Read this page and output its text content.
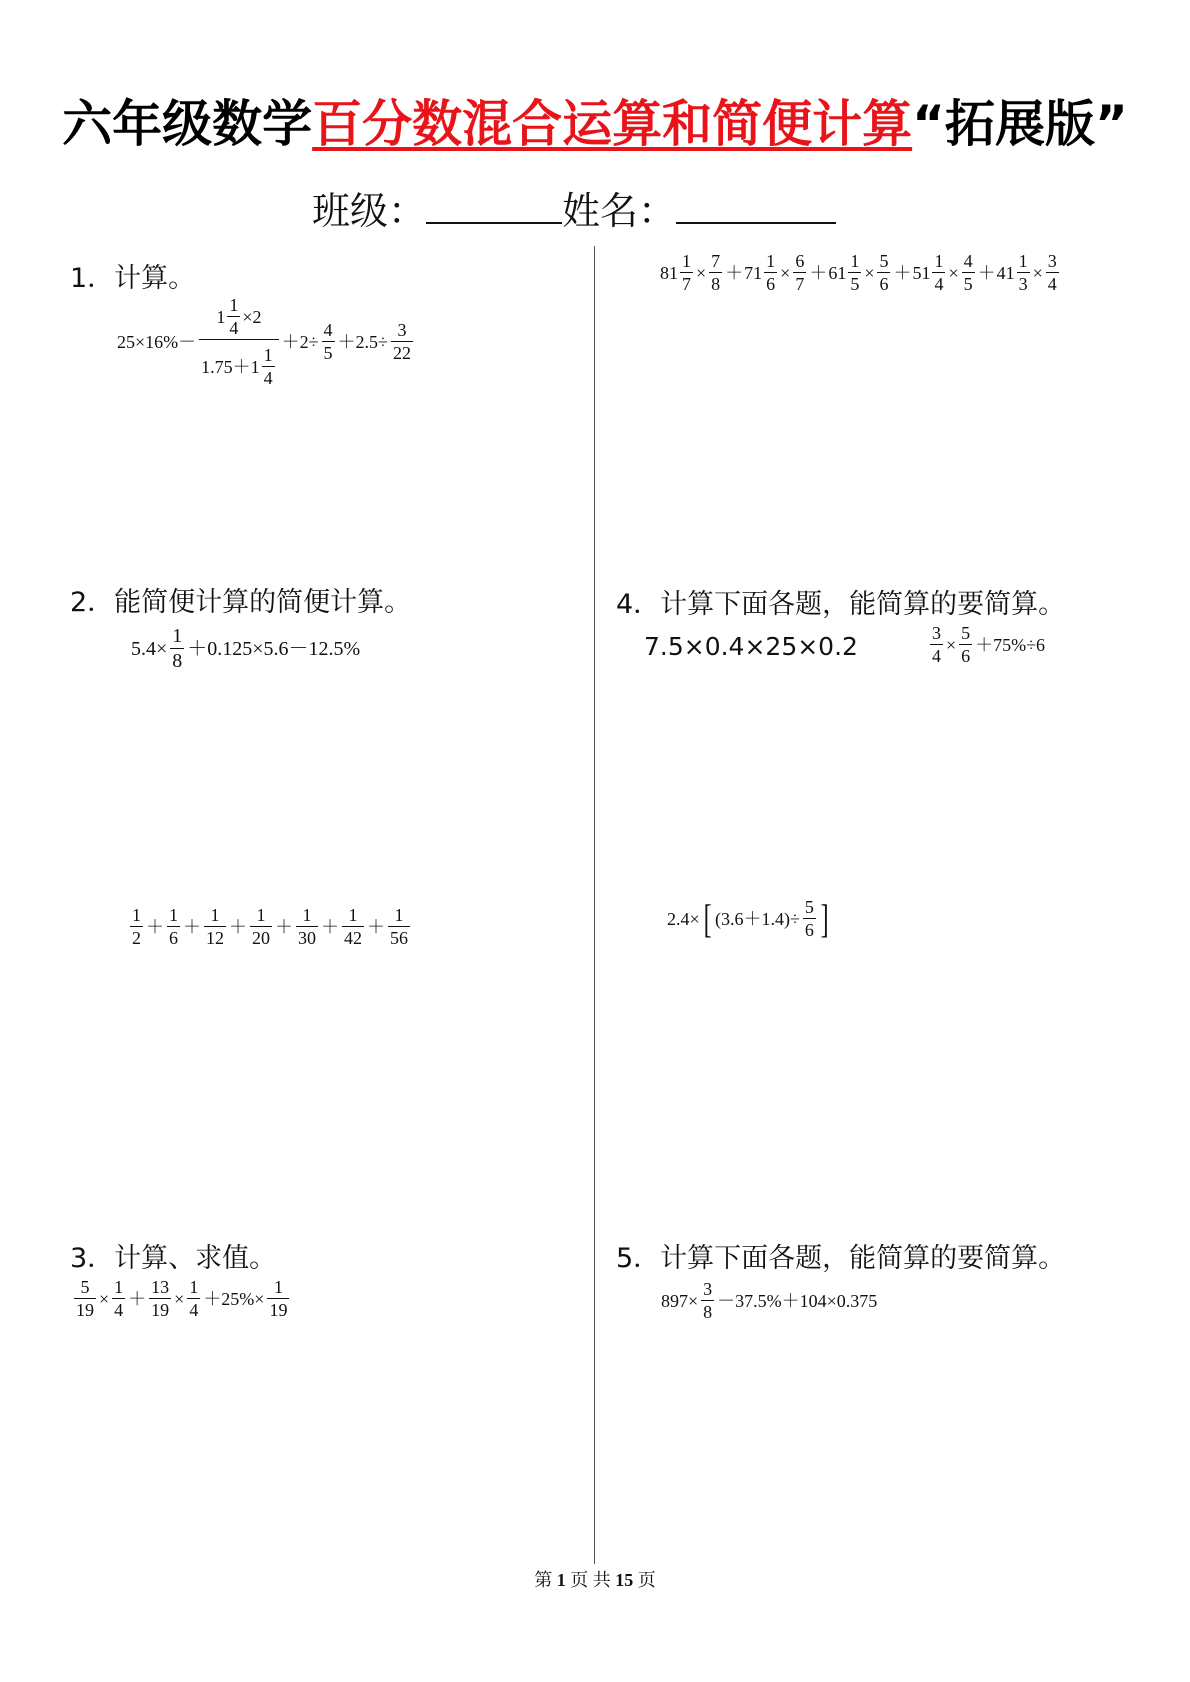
六年级数学百分数混合运算和简便计算“拓展版”
班级：	姓名：
1．计算。
$25\times 16\%- \frac{1 \frac{1}{4} \times 2}{1.75+1 \frac{1}{4}} +2\div \frac{4}{5} +2.5\div \frac{3}{22}$
$81 \frac{1}{7} \times \frac{7}{8} + 71 \frac{1}{6} \times \frac{6}{7} + 61 \frac{1}{5} \times \frac{5}{6} + 51 \frac{1}{4} \times \frac{4}{5} + 41 \frac{1}{3} \times \frac{3}{4}$
2．能简便计算的简便计算。
$5.4\times \frac{1}{8} +0.125\times 5.6-12.5\%$
$\frac{1}{2} + \frac{1}{6} + \frac{1}{12} + \frac{1}{20} + \frac{1}{30} + \frac{1}{42} + \frac{1}{56}$
3．计算、求值。
$\frac{5}{19} \times \frac{1}{4} + \frac{13}{19} \times \frac{1}{4} +25\%\times \frac{1}{19}$
4．计算下面各题，能简算的要简算。
7.5×0.4×25×0.2	$\frac{3}{4} \times \frac{5}{6} +75\%\div 6$
2.4×[ $(3.6+1.4)\div \frac{5}{6}$ ]
5．计算下面各题，能简算的要简算。
$897\times \frac{3}{8} -37.5\%+104\times 0.375$
第 1 页 共 15 页
